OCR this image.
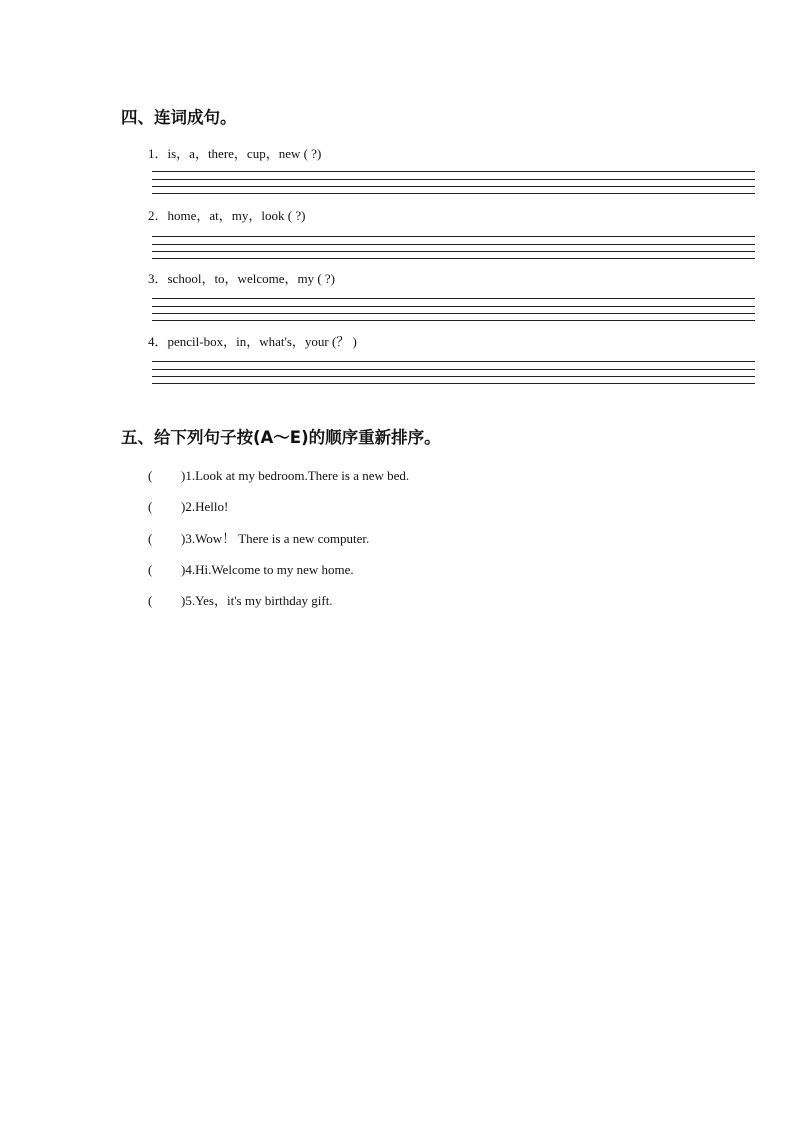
四、连词成句。
1．is，a，there，cup，new ( ?)
2．home，at，my，look ( ?)
3．school，to，welcome，my ( ?)
4．pencil-box，in，what's，your (？ )
五、给下列句子按(A～E)的顺序重新排序。
( )1.Look at my bedroom.There is a new bed.
( )2.Hello!
( )3.Wow！ There is a new computer.
( )4.Hi.Welcome to my new home.
( )5.Yes，it's my birthday gift.
